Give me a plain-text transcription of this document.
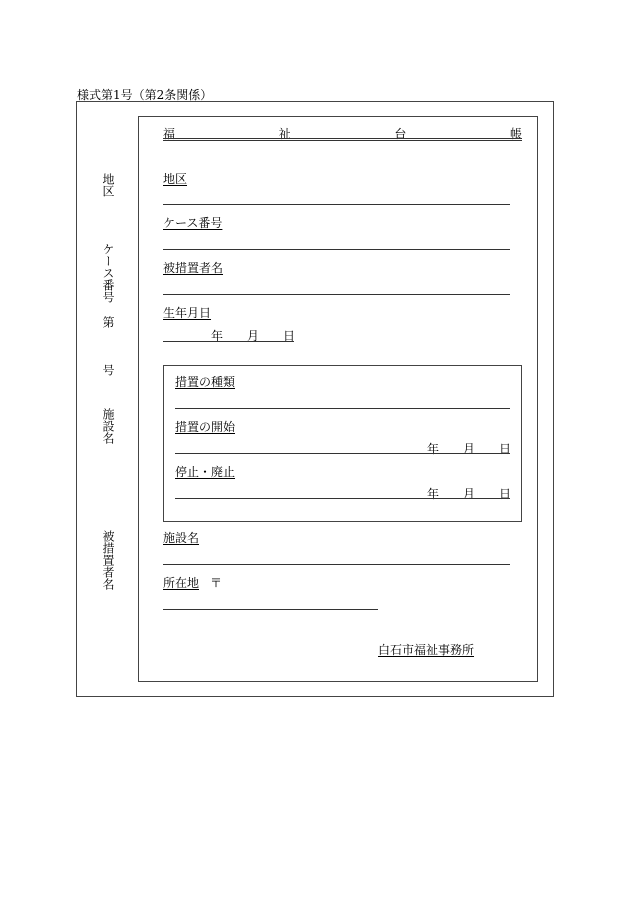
様式第1号（第2条関係）
地区
ケース番号
第
号
施設名
被措置者名
福	祉	台	帳
地区
ケース番号
被措置者名
生年月日
年 月 日
措置の種類
措置の開始
年 月 日
停止・廃止
年 月 日
施設名
所在地 〒
白石市福祉事務所
